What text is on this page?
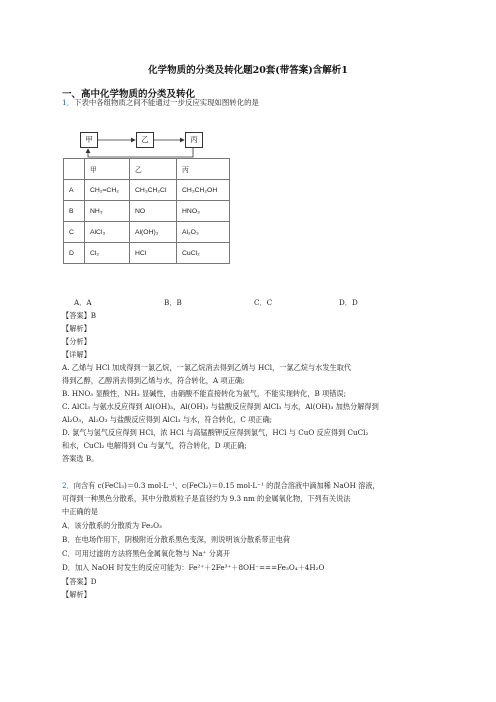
化学物质的分类及转化题20套(带答案)含解析1
一、高中化学物质的分类及转化
1．下表中各组物质之间不能通过一步反应实现如图转化的是
甲	乙	丙
	甲	乙	丙
A	CH₂=CH₂	CH₃CH₂Cl	CH₃CH₂OH
B	NH₃	NO	HNO₃
C	AlCl₃	Al(OH)₃	Al₂O₃
D	Cl₂	HCl	CuCl₂
A．A	B．B	C．C	D．D
【答案】B
【解析】
【分析】
【详解】
A. 乙烯与 HCl 加成得到一氯乙烷，一氯乙烷消去得到乙烯与 HCl，一氯乙烷与水发生取代
得到乙醇，乙醇消去得到乙烯与水，符合转化，A 项正确;
B. HNO₃ 显酸性，NH₃ 显碱性，由硝酸不能直接转化为氨气，不能实现转化，B 项错误;
C. AlCl₃ 与氨水反应得到 Al(OH)₃，Al(OH)₃ 与盐酸反应得到 AlCl₃ 与水，Al(OH)₃ 加热分解得到
Al₂O₃，Al₂O₃ 与盐酸反应得到 AlCl₃ 与水，符合转化，C 项正确;
D. 氯气与氢气反应得到 HCl，浓 HCl 与高锰酸钾反应得到氯气，HCl 与 CuO 反应得到 CuCl₂
和水，CuCl₂ 电解得到 Cu 与氯气，符合转化，D 项正确;
答案选 B。
2．向含有 c(FeCl₃)＝0.3 mol·L⁻¹、c(FeCl₂)＝0.15 mol·L⁻¹ 的混合溶液中滴加稀 NaOH 溶液，
可得到一种黑色分散系，其中分散质粒子是直径约为 9.3 nm 的金属氧化物，下列有关说法
中正确的是
A．该分散系的分散质为 Fe₂O₃
B．在电场作用下，阴极附近分散系黑色变深，则说明该分散系带正电荷
C．可用过滤的方法将黑色金属氧化物与 Na⁺ 分离开
D．加入 NaOH 时发生的反应可能为：Fe²⁺＋2Fe³⁺＋8OH⁻===Fe₃O₄＋4H₂O
【答案】D
【解析】
